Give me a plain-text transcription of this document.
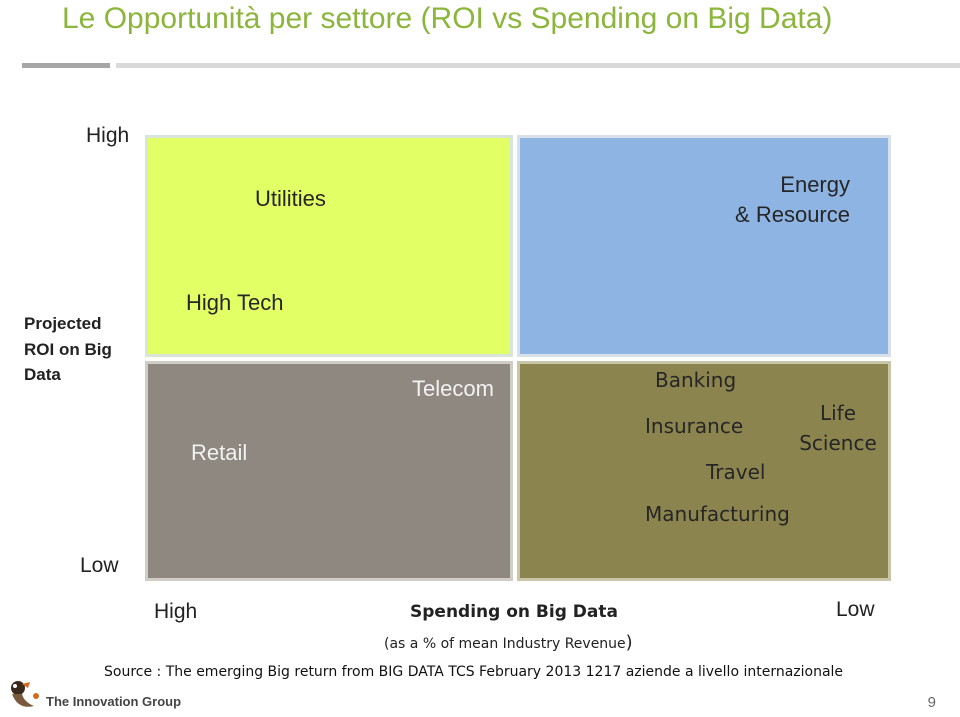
Le Opportunità per settore (ROI vs Spending on Big Data)
High
Projected
ROI on Big
Data
Low
Utilities
High Tech
Energy
& Resource
Retail
Telecom	Banking
Insurance
Travel
Manufacturing
Life
Science
High	Spending on Big Data	Low
(as a % of mean Industry Revenue)
Source : The emerging Big return from BIG DATA TCS February 2013 1217 aziende a livello internazionale
The Innovation Group	9
